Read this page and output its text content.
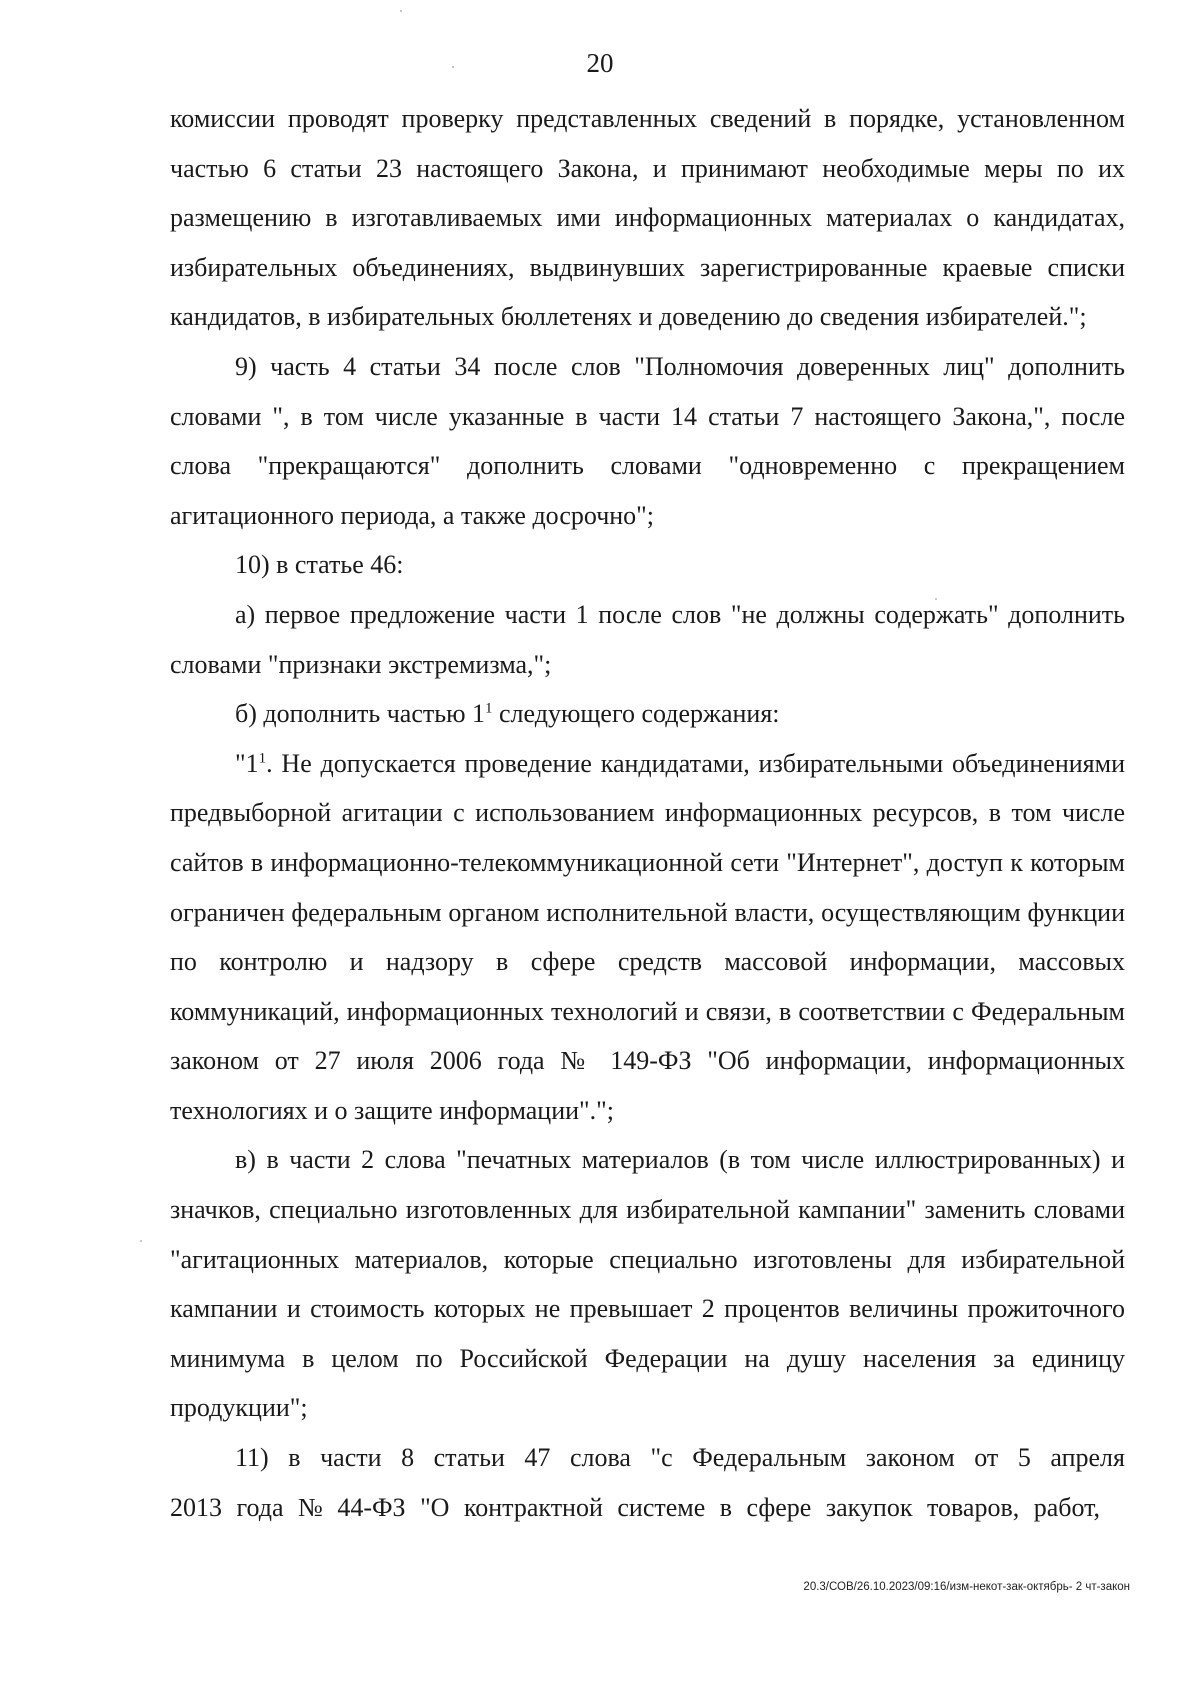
20

комиссии проводят проверку представленных сведений в порядке, установленном частью 6 статьи 23 настоящего Закона, и принимают необходимые меры по их размещению в изготавливаемых ими информационных материалах о кандидатах, избирательных объединениях, выдвинувших зарегистрированные краевые списки кандидатов, в избирательных бюллетенях и доведению до сведения избирателей.";

9) часть 4 статьи 34 после слов "Полномочия доверенных лиц" дополнить словами ", в том числе указанные в части 14 статьи 7 настоящего Закона,", после слова "прекращаются" дополнить словами "одновременно с прекращением агитационного периода, а также досрочно";

10) в статье 46:

а) первое предложение части 1 после слов "не должны содержать" дополнить словами "признаки экстремизма,";

б) дополнить частью $1^1$ следующего содержания:

"$1^1$. Не допускается проведение кандидатами, избирательными объединениями предвыборной агитации с использованием информационных ресурсов, в том числе сайтов в информационно-телекоммуникационной сети "Интернет", доступ к которым ограничен федеральным органом исполнительной власти, осуществляющим функции по контролю и надзору в сфере средств массовой информации, массовых коммуникаций, информационных технологий и связи, в соответствии с Федеральным законом от 27 июля 2006 года № 149-ФЗ "Об информации, информационных технологиях и о защите информации".";

в) в части 2 слова "печатных материалов (в том числе иллюстрированных) и значков, специально изготовленных для избирательной кампании" заменить словами "агитационных материалов, которые специально изготовлены для избирательной кампании и стоимость которых не превышает 2 процентов величины прожиточного минимума в целом по Российской Федерации на душу населения за единицу продукции";

11) в части 8 статьи 47 слова "с Федеральным законом от 5 апреля 2013 года № 44-ФЗ "О контрактной системе в сфере закупок товаров, работ,

20.3/СОВ/26.10.2023/09:16/изм-некот-зак-октябрь- 2 чт-закон
